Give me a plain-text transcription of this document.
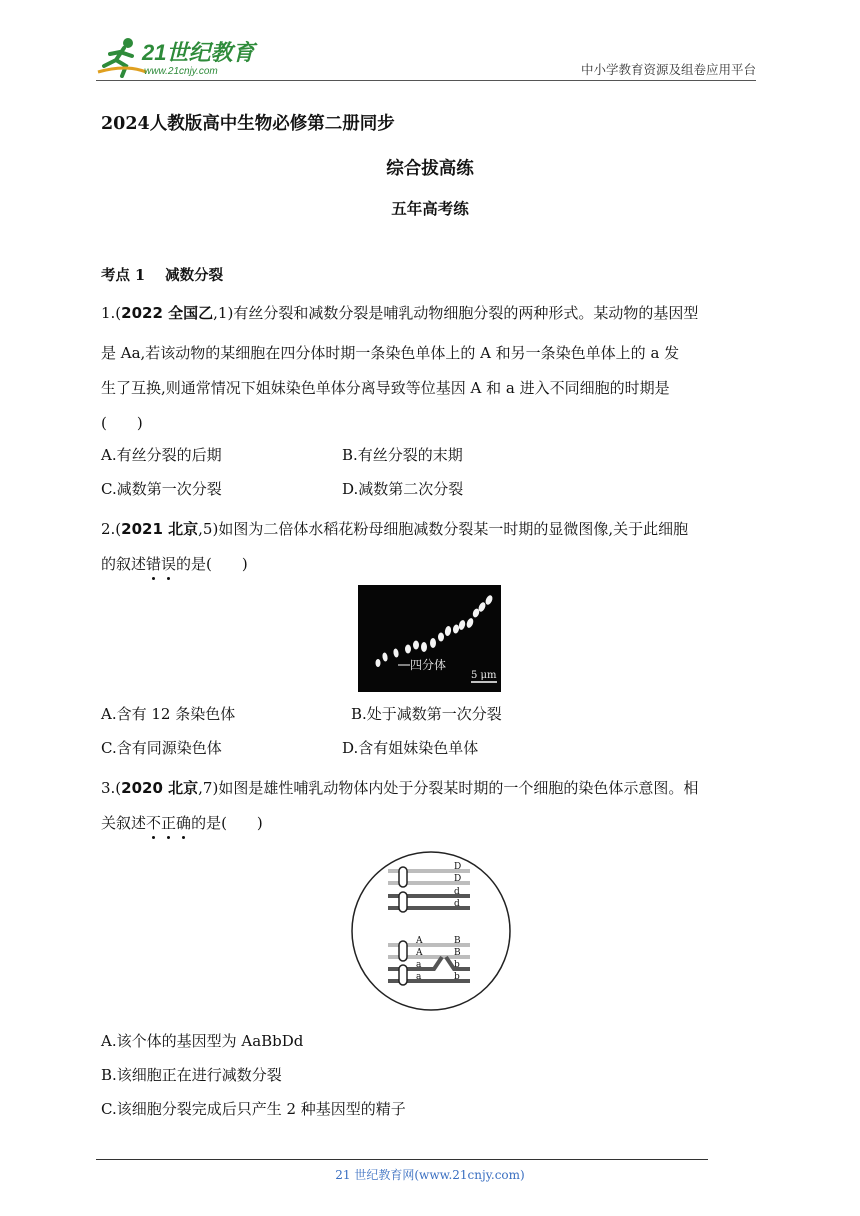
21世纪教育
www.21cnjy.com	中小学教育资源及组卷应用平台
2024人教版高中生物必修第二册同步
综合拔高练
五年高考练
考点 1 减数分裂
1.(2022 全国乙,1)有丝分裂和减数分裂是哺乳动物细胞分裂的两种形式。某动物的基因型
是 Aa,若该动物的某细胞在四分体时期一条染色单体上的 A 和另一条染色单体上的 a 发
生了互换,则通常情况下姐妹染色单体分离导致等位基因 A 和 a 进入不同细胞的时期是
(　　)
A.有丝分裂的后期	B.有丝分裂的末期
C.减数第一次分裂	D.减数第二次分裂
2.(2021 北京,5)如图为二倍体水稻花粉母细胞减数分裂某一时期的显微图像,关于此细胞
的叙述错误的是(　　)
四分体
5 μm
A.含有 12 条染色体	B.处于减数第一次分裂
C.含有同源染色体	D.含有姐妹染色单体
3.(2020 北京,7)如图是雄性哺乳动物体内处于分裂某时期的一个细胞的染色体示意图。相
关叙述不正确的是(　　)
D
D
d
d
A
A
a
a
B
B
b
b
A.该个体的基因型为 AaBbDd
B.该细胞正在进行减数分裂
C.该细胞分裂完成后只产生 2 种基因型的精子
21 世纪教育网(www.21cnjy.com)
